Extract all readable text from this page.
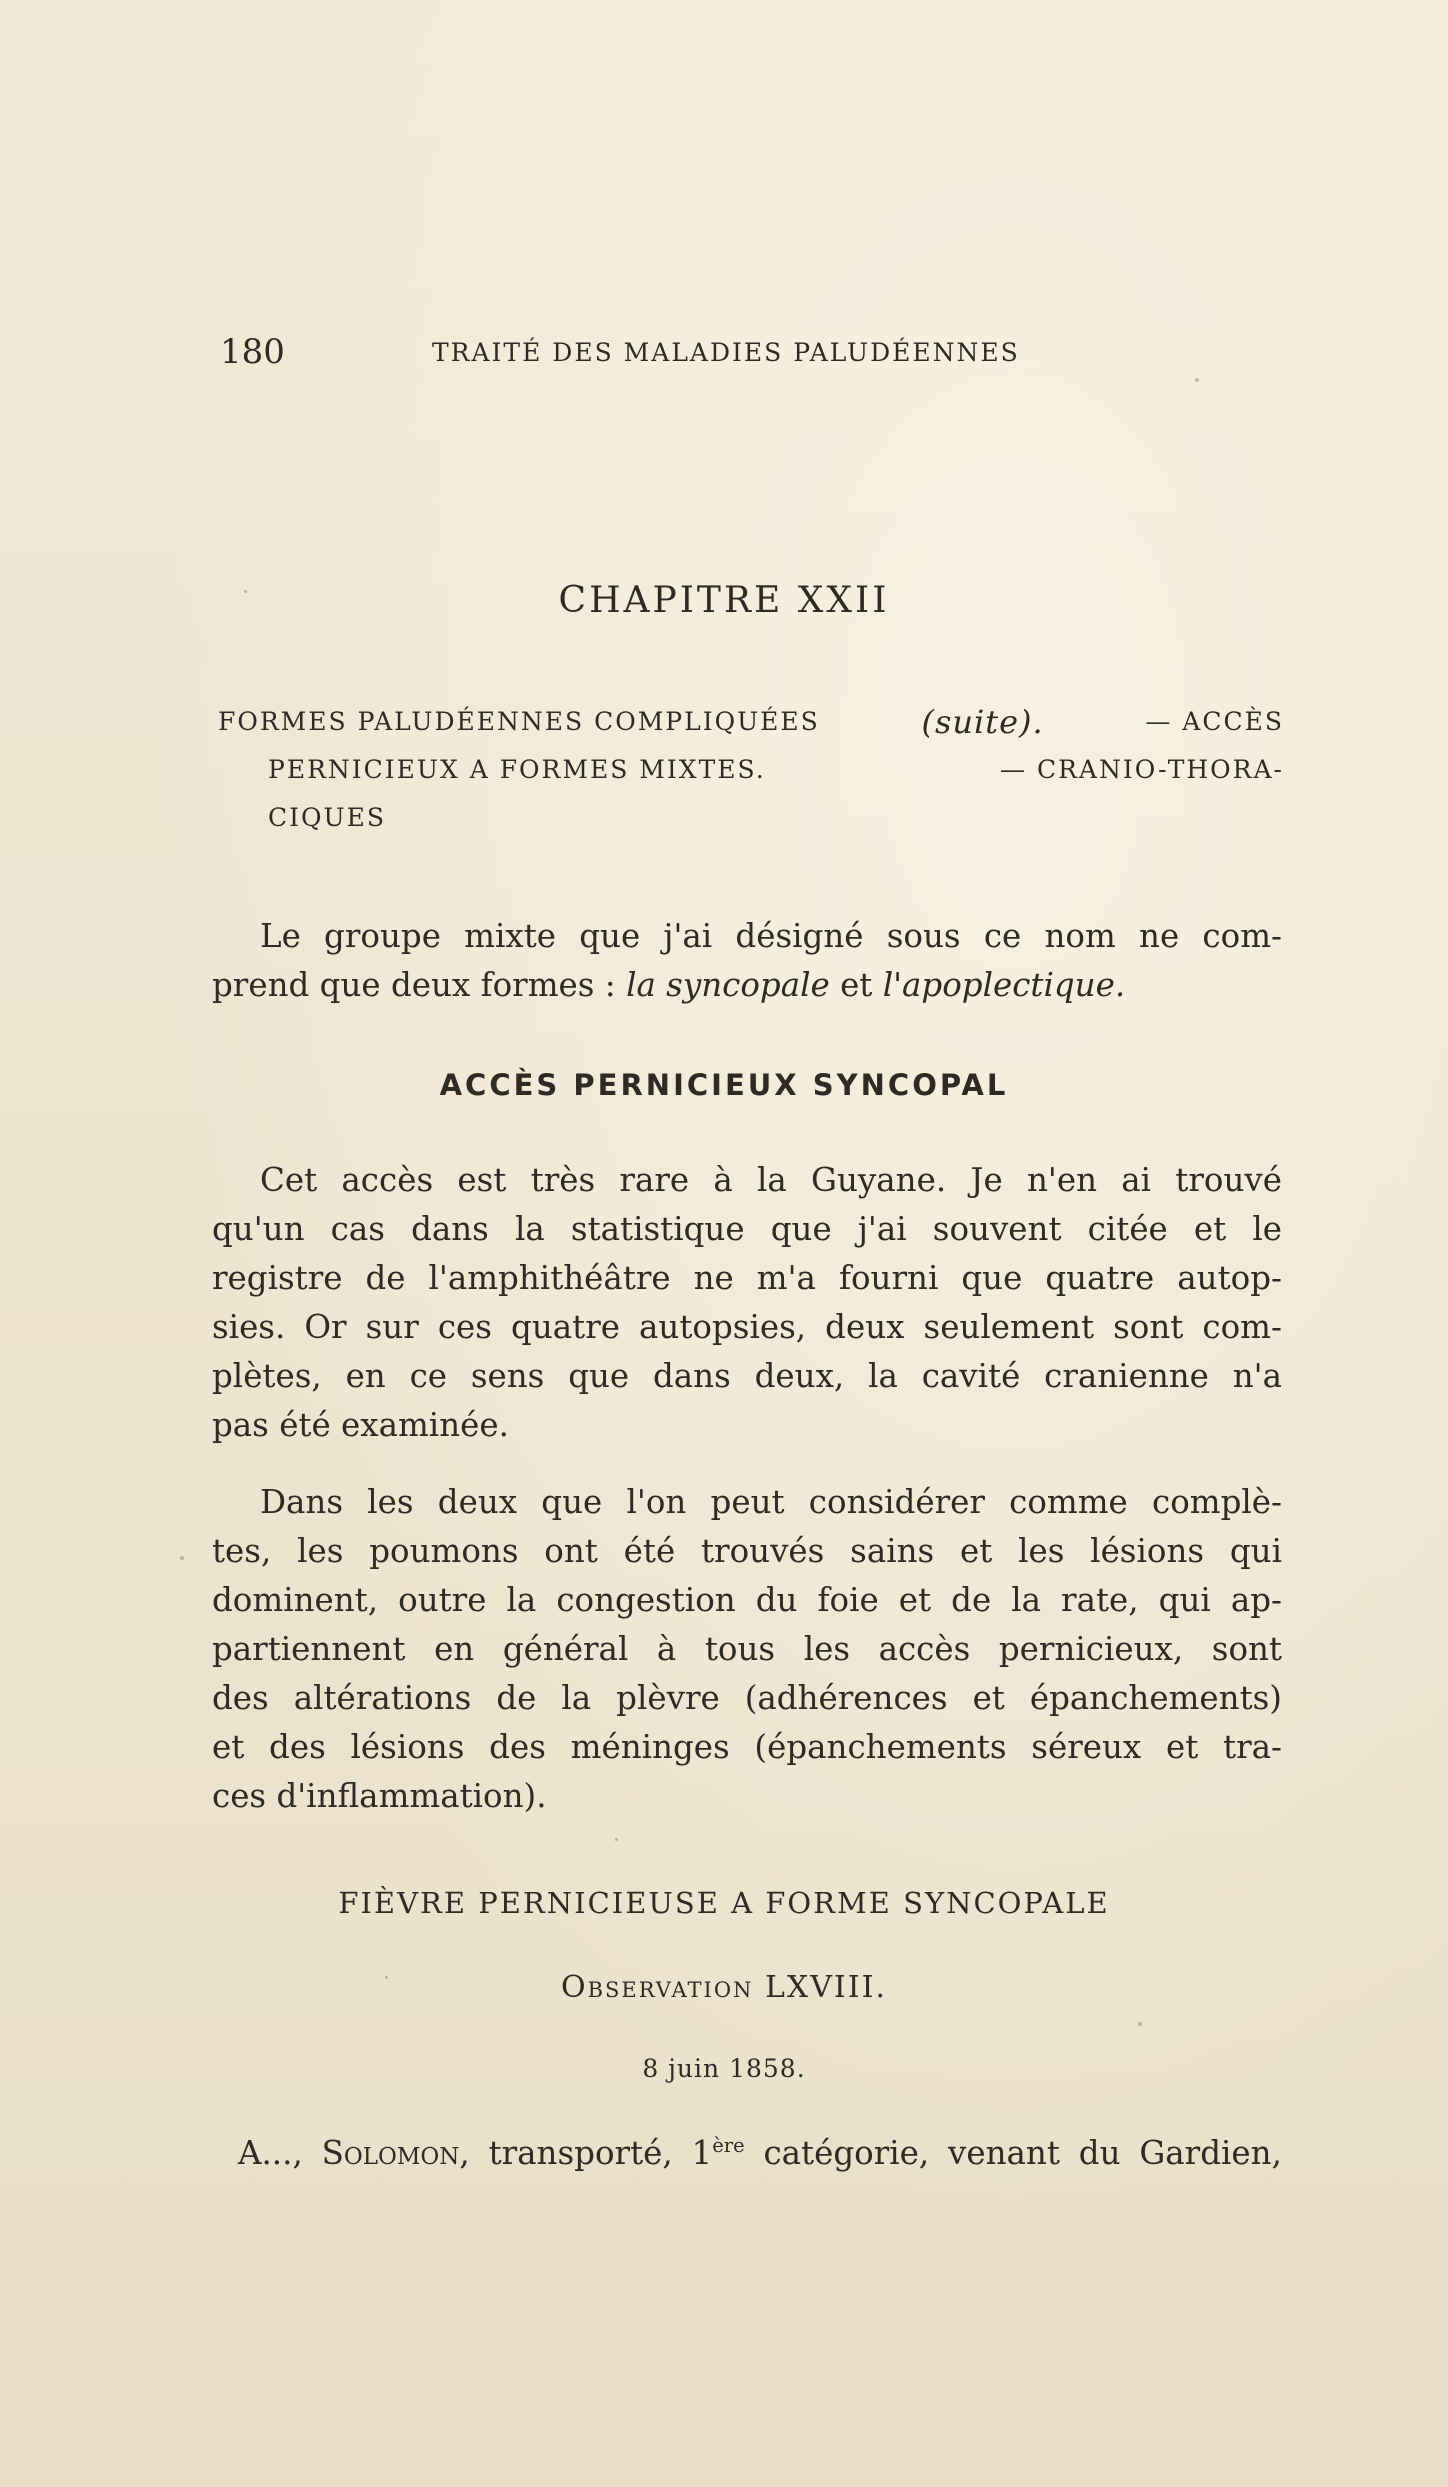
180	TRAITÉ DES MALADIES PALUDÉENNES
CHAPITRE XXII
FORMES PALUDÉENNES COMPLIQUÉES	(suite).	— ACCÈS
PERNICIEUX A FORMES MIXTES.	— CRANIO-THORA-
CIQUES
Le groupe mixte que j'ai désigné sous ce nom ne com-
prend que deux formes : la syncopale et l'apoplectique.
ACCÈS PERNICIEUX SYNCOPAL
Cet accès est très rare à la Guyane. Je n'en ai trouvé
qu'un cas dans la statistique que j'ai souvent citée et le
registre de l'amphithéâtre ne m'a fourni que quatre autop-
sies. Or sur ces quatre autopsies, deux seulement sont com-
plètes, en ce sens que dans deux, la cavité cranienne n'a
pas été examinée.
Dans les deux que l'on peut considérer comme complè-
tes, les poumons ont été trouvés sains et les lésions qui
dominent, outre la congestion du foie et de la rate, qui ap-
partiennent en général à tous les accès pernicieux, sont
des altérations de la plèvre (adhérences et épanchements)
et des lésions des méninges (épanchements séreux et tra-
ces d'inflammation).
FIÈVRE PERNICIEUSE A FORME SYNCOPALE
Observation LXVIII.
8 juin 1858.
A..., Solomon, transporté, 1ère catégorie, venant du Gardien,
